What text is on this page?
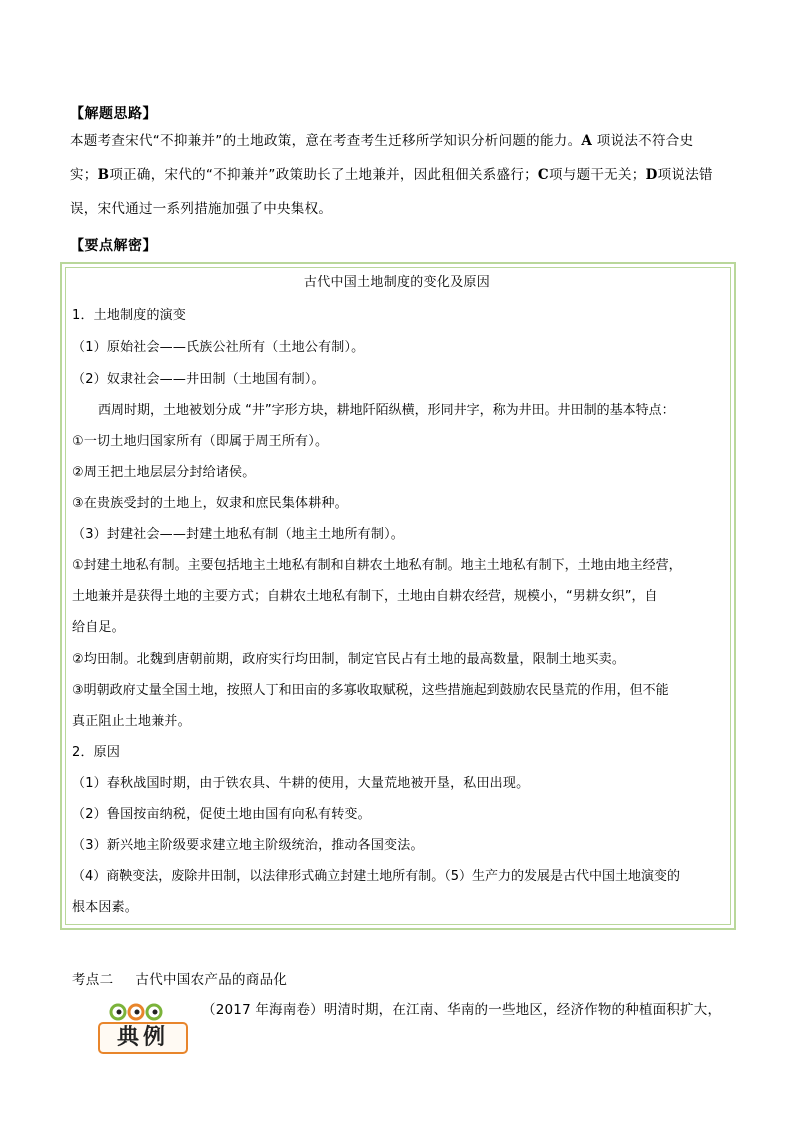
【解题思路】
本题考查宋代“不抑兼并”的土地政策，意在考查考生迁移所学知识分析问题的能力。A 项说法不符合史
实；B项正确，宋代的“不抑兼并”政策助长了土地兼并，因此租佃关系盛行；C项与题干无关；D项说法错
误，宋代通过一系列措施加强了中央集权。
【要点解密】
古代中国土地制度的变化及原因
1．土地制度的演变
（1）原始社会——氏族公社所有（土地公有制）。
（2）奴隶社会——井田制（土地国有制）。
西周时期，土地被划分成 “井”字形方块，耕地阡陌纵横，形同井字，称为井田。井田制的基本特点：
①一切土地归国家所有（即属于周王所有）。
②周王把土地层层分封给诸侯。
③在贵族受封的土地上，奴隶和庶民集体耕种。
（3）封建社会——封建土地私有制（地主土地所有制）。
①封建土地私有制。主要包括地主土地私有制和自耕农土地私有制。地主土地私有制下，土地由地主经营，
土地兼并是获得土地的主要方式；自耕农土地私有制下，土地由自耕农经营，规模小，“男耕女织”，自
给自足。
②均田制。北魏到唐朝前期，政府实行均田制，制定官民占有土地的最高数量，限制土地买卖。
③明朝政府丈量全国土地，按照人丁和田亩的多寡收取赋税，这些措施起到鼓励农民垦荒的作用，但不能
真正阻止土地兼并。
2．原因
（1）春秋战国时期，由于铁农具、牛耕的使用，大量荒地被开垦，私田出现。
（2）鲁国按亩纳税，促使土地由国有向私有转变。
（3）新兴地主阶级要求建立地主阶级统治，推动各国变法。
（4）商鞅变法，废除井田制，以法律形式确立封建土地所有制。（5）生产力的发展是古代中国土地演变的
根本因素。
考点二 古代中国农产品的商品化
典例
（2017 年海南卷）明清时期，在江南、华南的一些地区，经济作物的种植面积扩大，
